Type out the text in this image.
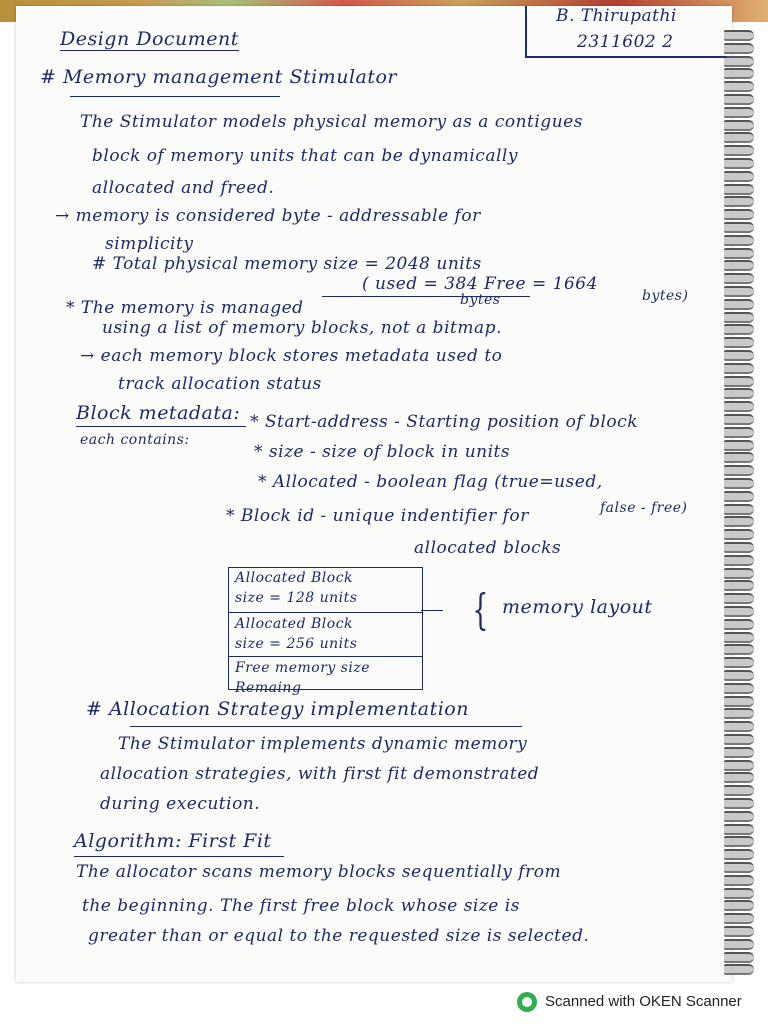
B. Thirupathi
2311602 2
Design Document
# Memory management Stimulator
The Stimulator models physical memory as a contigues
block of memory units that can be dynamically
allocated and freed.
→ memory is considered byte - addressable for
simplicity
# Total physical memory size = 2048 units
( used = 384 Free = 1664
bytes	bytes)
* The memory is managed
using a list of memory blocks, not a bitmap.
→ each memory block stores metadata used to
track allocation status
Block metadata:
each contains:
* Start-address - Starting position of block
* size - size of block in units
* Allocated - boolean flag (true=used,
false - free)
* Block id - unique indentifier for
allocated blocks
Allocated Block
size = 128 units
Allocated Block
size = 256 units
Free memory size
Remaing
{ memory layout
# Allocation Strategy implementation
The Stimulator implements dynamic memory
allocation strategies, with first fit demonstrated
during execution.
Algorithm: First Fit
The allocator scans memory blocks sequentially from
the beginning. The first free block whose size is
greater than or equal to the requested size is selected.
Scanned with OKEN Scanner
